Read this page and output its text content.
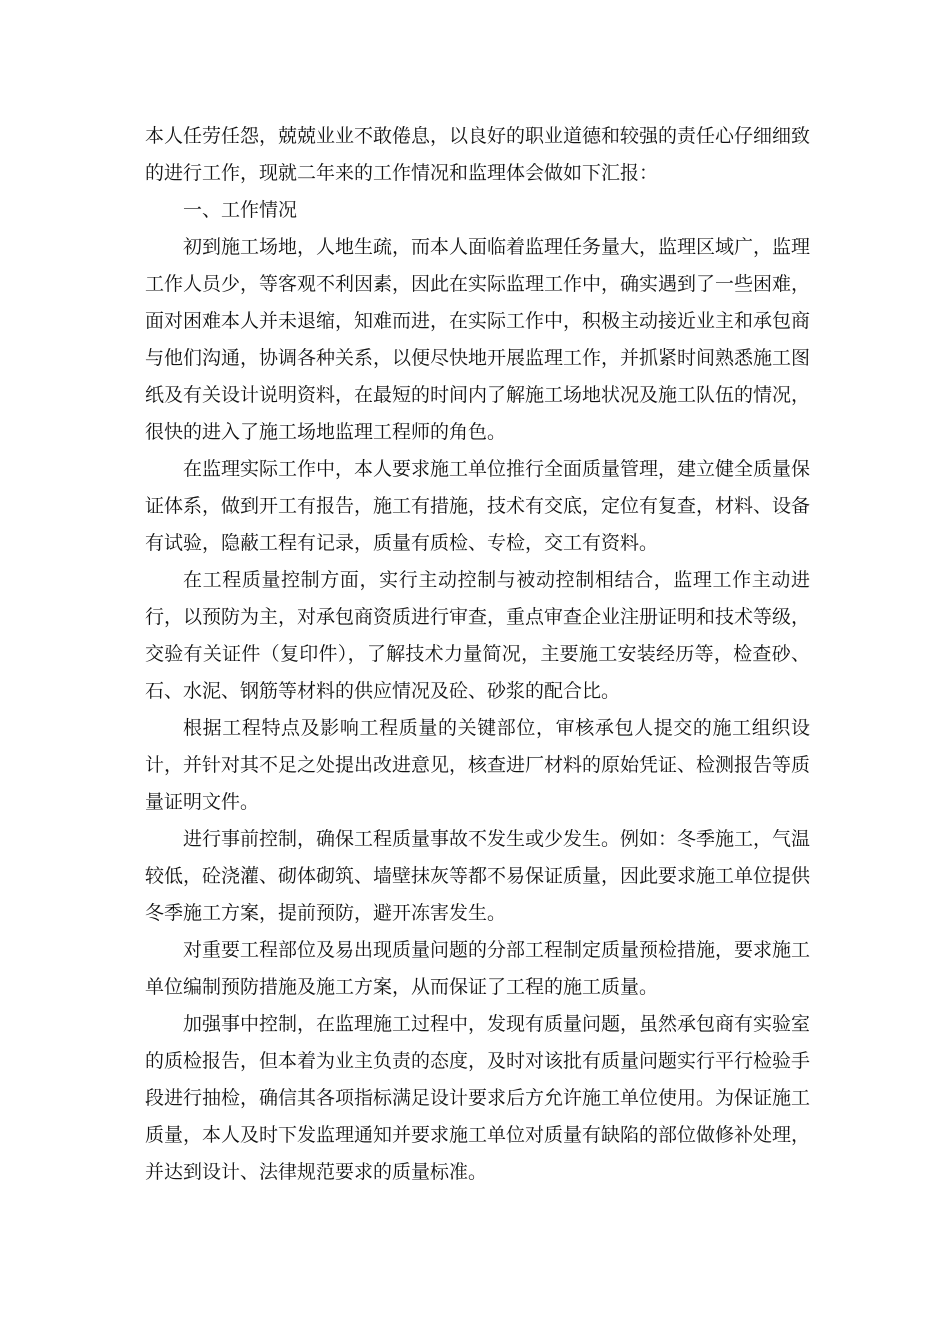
本人任劳任怨，兢兢业业不敢倦息，以良好的职业道德和较强的责任心仔细细致的进行工作，现就二年来的工作情况和监理体会做如下汇报：

一、工作情况

初到施工场地，人地生疏，而本人面临着监理任务量大，监理区域广，监理工作人员少，等客观不利因素，因此在实际监理工作中，确实遇到了一些困难，面对困难本人并未退缩，知难而进，在实际工作中，积极主动接近业主和承包商与他们沟通，协调各种关系，以便尽快地开展监理工作，并抓紧时间熟悉施工图纸及有关设计说明资料，在最短的时间内了解施工场地状况及施工队伍的情况，很快的进入了施工场地监理工程师的角色。

在监理实际工作中，本人要求施工单位推行全面质量管理，建立健全质量保证体系，做到开工有报告，施工有措施，技术有交底，定位有复查，材料、设备有试验，隐蔽工程有记录，质量有质检、专检，交工有资料。

在工程质量控制方面，实行主动控制与被动控制相结合，监理工作主动进行，以预防为主，对承包商资质进行审查，重点审查企业注册证明和技术等级，交验有关证件（复印件），了解技术力量简况，主要施工安装经历等，检查砂、石、水泥、钢筋等材料的供应情况及砼、砂浆的配合比。

根据工程特点及影响工程质量的关键部位，审核承包人提交的施工组织设计，并针对其不足之处提出改进意见，核查进厂材料的原始凭证、检测报告等质量证明文件。

进行事前控制，确保工程质量事故不发生或少发生。例如：冬季施工，气温较低，砼浇灌、砌体砌筑、墙壁抹灰等都不易保证质量，因此要求施工单位提供冬季施工方案，提前预防，避开冻害发生。

对重要工程部位及易出现质量问题的分部工程制定质量预检措施，要求施工单位编制预防措施及施工方案，从而保证了工程的施工质量。

加强事中控制，在监理施工过程中，发现有质量问题，虽然承包商有实验室的质检报告，但本着为业主负责的态度，及时对该批有质量问题实行平行检验手段进行抽检，确信其各项指标满足设计要求后方允许施工单位使用。为保证施工质量，本人及时下发监理通知并要求施工单位对质量有缺陷的部位做修补处理，并达到设计、法律规范要求的质量标准。
